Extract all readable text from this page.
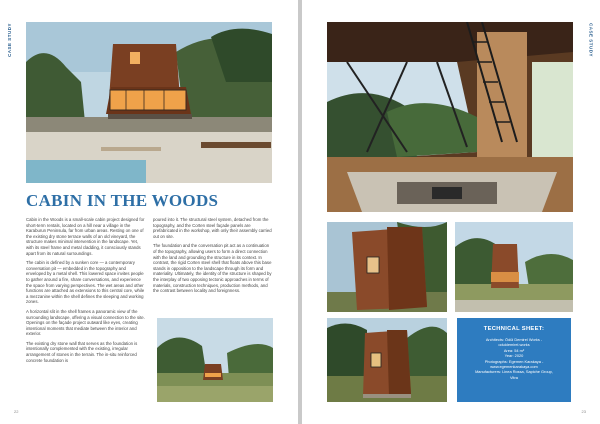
CASE STUDY
CABIN IN THE WOODS

Cabin in the Woods is a small-scale cabin project designed for short-term rentals, located on a hill near a village in the Karaburun Peninsula, far from urban areas. Resting on one of the existing dry stone terrace walls of an old vineyard, the structure makes minimal intervention in the landscape. Yet, with its steel frame and metal cladding, it consciously stands apart from its natural surroundings.

The cabin is defined by a sunken core — a contemporary conversation pit — embedded in the topography and enveloped by a metal shell. This lowered space invites people to gather around a fire, share conversations, and experience the space from varying perspectives. The wet areas and other functions are attached as extensions to this central core, while a mezzanine within the shell defines the sleeping and working zones.

A horizontal slit in the shell frames a panoramic view of the surrounding landscape, offering a visual connection to the site. Openings on the façade project outward like eyes, creating intentional moments that mediate between the interior and exterior.

The existing dry stone wall that serves as the foundation is intentionally complemented with the existing, irregular arrangement of stones in the terrain. The in-situ reinforced concrete foundation is

poured into it. The structural steel system, detached from the topography, and the Corten steel façade panels are prefabricated in the workshop, with only their assembly carried out on site.

The foundation and the conversation pit act as a continuation of the topography, allowing users to form a direct connection with the land and grounding the structure in its context. In contrast, the rigid Corten steel shell that floats above this base stands in opposition to the landscape through its form and materiality. Ultimately, the identity of the structure is shaped by the interplay of two opposing tectonic approaches in terms of materials, construction techniques, production methods, and the contrast between locality and foreignness.

22
CASE STUDY
TECHNICAL SHEET:
Architects: Ödül Demirel Works -
oduldemirel.works
Area: 54 m²
Year: 2020
Photographs: Egemen Karakaya -
www.egemenkarakaya.com
Manufacturers: Linea Rossa, Sapiche Group,
Vitra
23
